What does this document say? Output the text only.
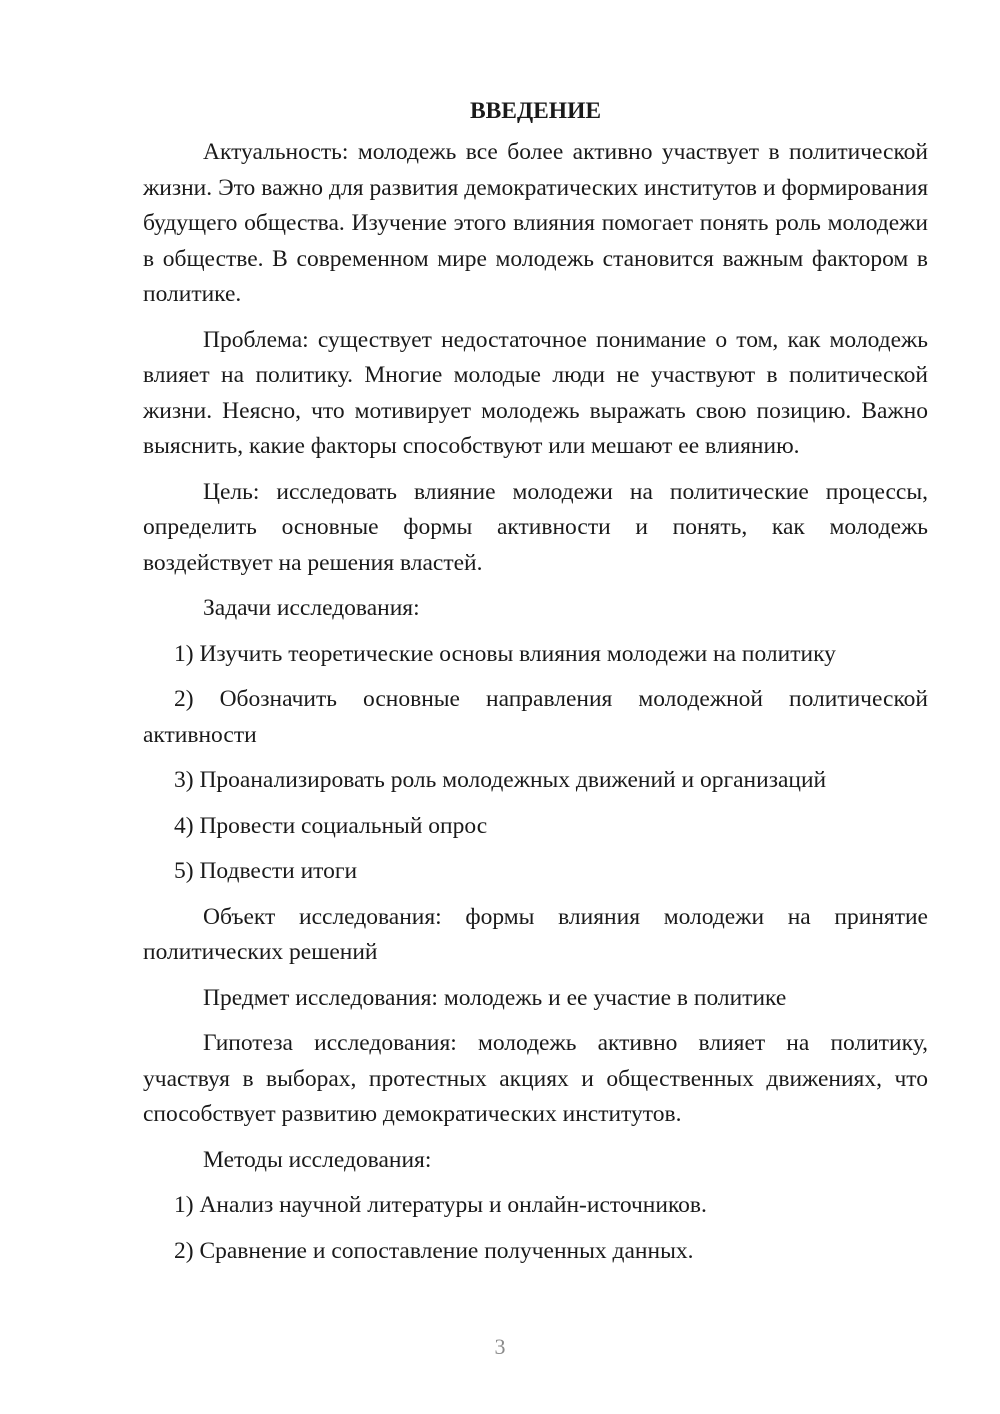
ВВЕДЕНИЕ

Актуальность: молодежь все более активно участвует в политической жизни. Это важно для развития демократических институтов и формирования будущего общества. Изучение этого влияния помогает понять роль молодежи в обществе. В современном мире молодежь становится важным фактором в политике.

Проблема: существует недостаточное понимание о том, как молодежь влияет на политику. Многие молодые люди не участвуют в политической жизни. Неясно, что мотивирует молодежь выражать свою позицию. Важно выяснить, какие факторы способствуют или мешают ее влиянию.

Цель: исследовать влияние молодежи на политические процессы, определить основные формы активности и понять, как молодежь воздействует на решения властей.

Задачи исследования:

1) Изучить теоретические основы влияния молодежи на политику

2) Обозначить основные направления молодежной политической активности

3) Проанализировать роль молодежных движений и организаций

4) Провести социальный опрос

5) Подвести итоги

Объект исследования: формы влияния молодежи на принятие политических решений

Предмет исследования: молодежь и ее участие в политике

Гипотеза исследования: молодежь активно влияет на политику, участвуя в выборах, протестных акциях и общественных движениях, что способствует развитию демократических институтов.

Методы исследования:

1) Анализ научной литературы и онлайн-источников.

2) Сравнение и сопоставление полученных данных.

3
